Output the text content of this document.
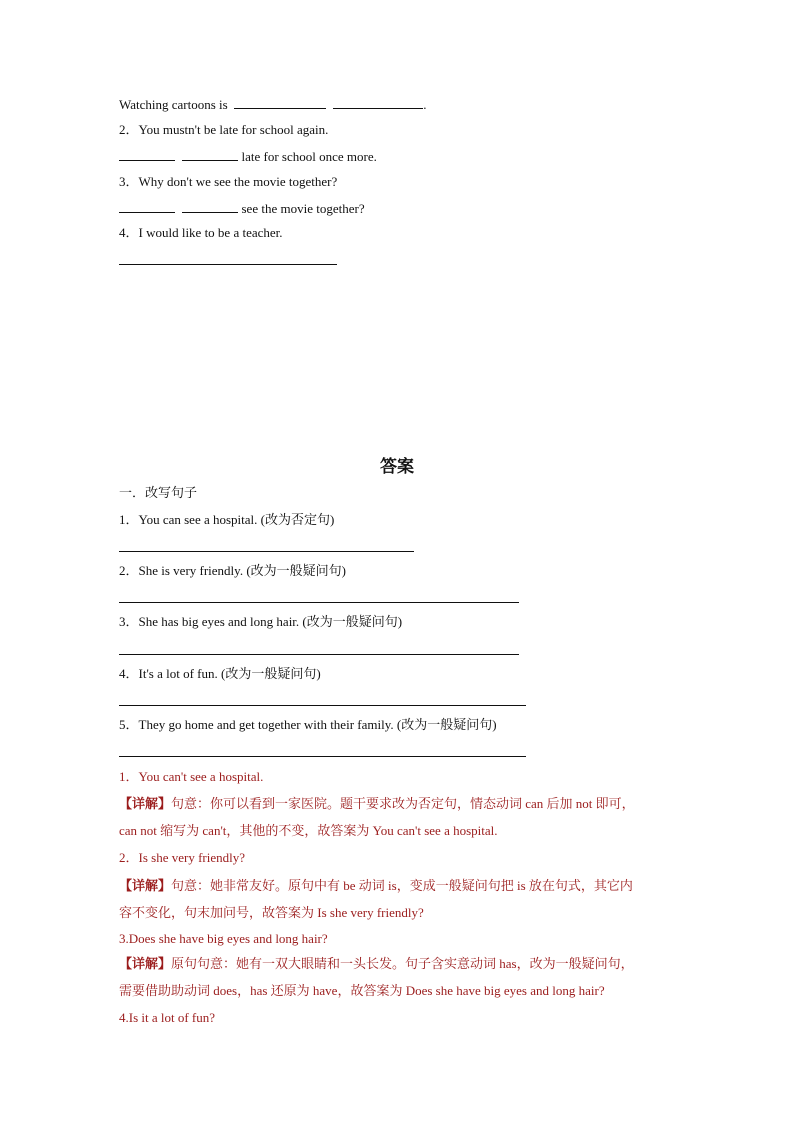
Watching cartoons is	.
2．You mustn't be late for school again.
late for school once more.
3．Why don't we see the movie together?
see the movie together?
4．I would like to be a teacher.
答案
一．改写句子
1．You can see a hospital. (改为否定句)
2．She is very friendly. (改为一般疑问句)
3．She has big eyes and long hair. (改为一般疑问句)
4．It's a lot of fun. (改为一般疑问句)
5．They go home and get together with their family. (改为一般疑问句)
1．You can't see a hospital.
【详解】句意：你可以看到一家医院。题干要求改为否定句，情态动词 can 后加 not 即可，
can not 缩写为 can't，其他的不变，故答案为 You can't see a hospital.
2．Is she very friendly?
【详解】句意：她非常友好。原句中有 be 动词 is，变成一般疑问句把 is 放在句式，其它内
容不变化，句末加问号，故答案为 Is she very friendly?
3.Does she have big eyes and long hair?
【详解】原句句意：她有一双大眼睛和一头长发。句子含实意动词 has，改为一般疑问句，
需要借助助动词 does，has 还原为 have，故答案为 Does she have big eyes and long hair?
4.Is it a lot of fun?
